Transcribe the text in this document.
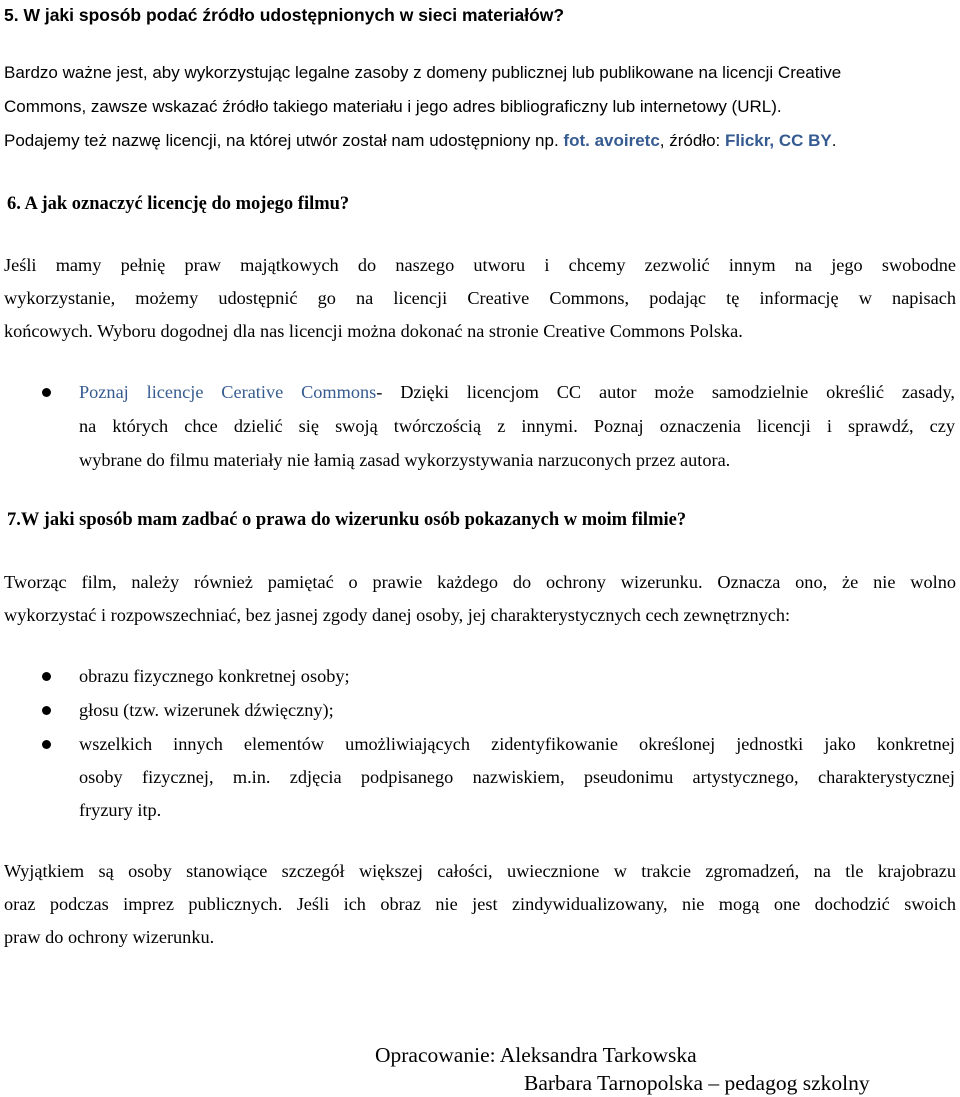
5. W jaki sposób podać źródło udostępnionych w sieci materiałów?
Bardzo ważne jest, aby wykorzystując legalne zasoby z domeny publicznej lub publikowane na licencji Creative
Commons, zawsze wskazać źródło takiego materiału i jego adres bibliograficzny lub internetowy (URL).
Podajemy też nazwę licencji, na której utwór został nam udostępniony np. fot. avoiretc, źródło: Flickr, CC BY.
6. A jak oznaczyć licencję do mojego filmu?
Jeśli mamy pełnię praw majątkowych do naszego utworu i chcemy zezwolić innym na jego swobodne
wykorzystanie, możemy udostępnić go na licencji Creative Commons, podając tę informację w napisach
końcowych. Wyboru dogodnej dla nas licencji można dokonać na stronie Creative Commons Polska.
Poznaj licencje Cerative Commons- Dzięki licencjom CC autor może samodzielnie określić zasady,
na których chce dzielić się swoją twórczością z innymi. Poznaj oznaczenia licencji i sprawdź, czy
wybrane do filmu materiały nie łamią zasad wykorzystywania narzuconych przez autora.
7.W jaki sposób mam zadbać o prawa do wizerunku osób pokazanych w moim filmie?
Tworząc film, należy również pamiętać o prawie każdego do ochrony wizerunku. Oznacza ono, że nie wolno
wykorzystać i rozpowszechniać, bez jasnej zgody danej osoby, jej charakterystycznych cech zewnętrznych:
obrazu fizycznego konkretnej osoby;
głosu (tzw. wizerunek dźwięczny);
wszelkich innych elementów umożliwiających zidentyfikowanie określonej jednostki jako konkretnej
osoby fizycznej, m.in. zdjęcia podpisanego nazwiskiem, pseudonimu artystycznego, charakterystycznej
fryzury itp.
Wyjątkiem są osoby stanowiące szczegół większej całości, uwiecznione w trakcie zgromadzeń, na tle krajobrazu
oraz podczas imprez publicznych. Jeśli ich obraz nie jest zindywidualizowany, nie mogą one dochodzić swoich
praw do ochrony wizerunku.
Opracowanie: Aleksandra Tarkowska
Barbara Tarnopolska – pedagog szkolny
